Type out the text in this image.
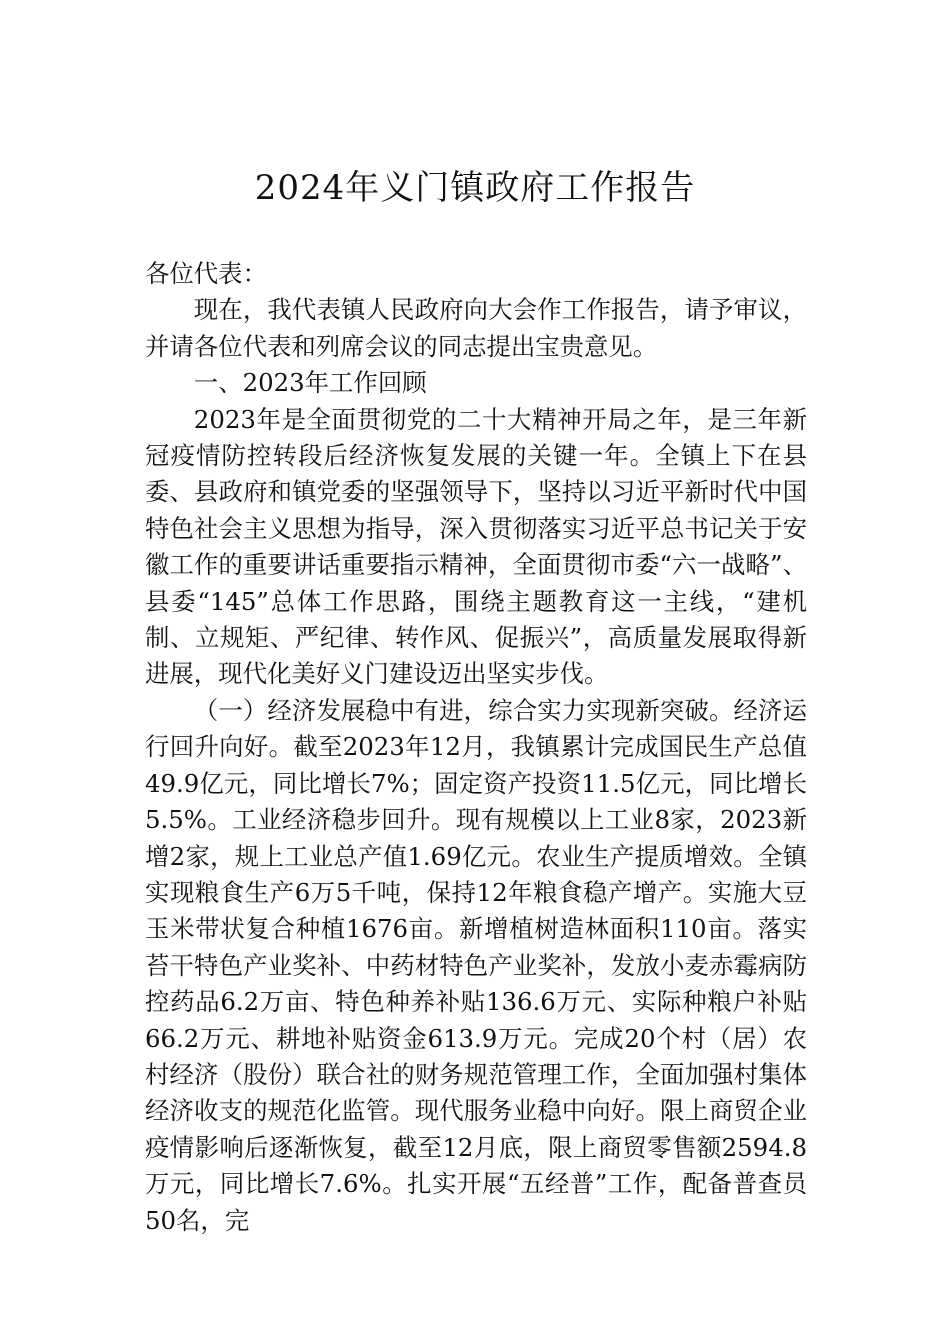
2024年义门镇政府工作报告

各位代表：

现在，我代表镇人民政府向大会作工作报告，请予审议，并请各位代表和列席会议的同志提出宝贵意见。

一、2023年工作回顾

2023年是全面贯彻党的二十大精神开局之年，是三年新冠疫情防控转段后经济恢复发展的关键一年。全镇上下在县委、县政府和镇党委的坚强领导下，坚持以习近平新时代中国特色社会主义思想为指导，深入贯彻落实习近平总书记关于安徽工作的重要讲话重要指示精神，全面贯彻市委“六一战略”、县委“145”总体工作思路，围绕主题教育这一主线，“建机制、立规矩、严纪律、转作风、促振兴”，高质量发展取得新进展，现代化美好义门建设迈出坚实步伐。

（一）经济发展稳中有进，综合实力实现新突破。经济运行回升向好。截至2023年12月，我镇累计完成国民生产总值49.9亿元，同比增长7%；固定资产投资11.5亿元，同比增长5.5%。工业经济稳步回升。现有规模以上工业8家，2023新增2家，规上工业总产值1.69亿元。农业生产提质增效。全镇实现粮食生产6万5千吨，保持12年粮食稳产增产。实施大豆玉米带状复合种植1676亩。新增植树造林面积110亩。落实苔干特色产业奖补、中药材特色产业奖补，发放小麦赤霉病防控药品6.2万亩、特色种养补贴136.6万元、实际种粮户补贴66.2万元、耕地补贴资金613.9万元。完成20个村（居）农村经济（股份）联合社的财务规范管理工作，全面加强村集体经济收支的规范化监管。现代服务业稳中向好。限上商贸企业疫情影响后逐渐恢复，截至12月底，限上商贸零售额2594.8万元，同比增长7.6%。扎实开展“五经普”工作，配备普查员50名，完
